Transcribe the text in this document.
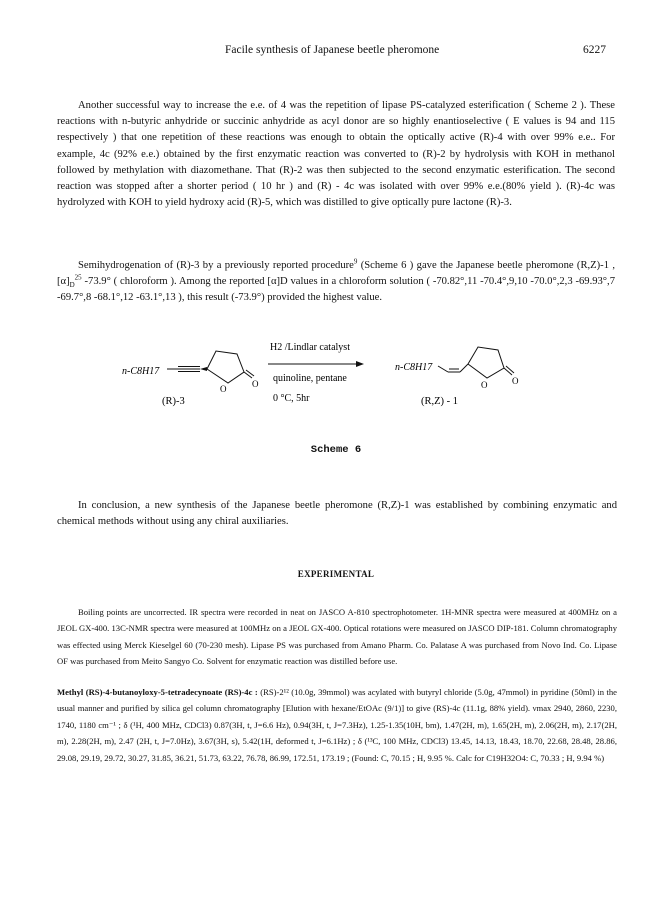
Facile synthesis of Japanese beetle pheromone	6227

Another successful way to increase the e.e. of 4 was the repetition of lipase PS-catalyzed esterification ( Scheme 2 ). These reactions with n-butyric anhydride or succinic anhydride as acyl donor are so highly enantioselective ( E values is 94 and 115 respectively ) that one repetition of these reactions was enough to obtain the optically active (R)-4 with over 99% e.e.. For example, 4c (92% e.e.) obtained by the first enzymatic reaction was converted to (R)-2 by hydrolysis with KOH in methanol followed by methylation with diazomethane. That (R)-2 was then subjected to the second enzymatic esterification. The second reaction was stopped after a shorter period ( 10 hr ) and (R) - 4c was isolated with over 99% e.e.(80% yield ). (R)-4c was hydrolyzed with KOH to yield hydroxy acid (R)-5, which was distilled to give optically pure lactone (R)-3.

Semihydrogenation of (R)-3 by a previously reported procedure$^9$ (Scheme 6 ) gave the Japanese beetle pheromone (R,Z)-1 , $[\alpha]_D^{25}$ -73.9° ( chloroform ). Among the reported [α]D values in a chloroform solution ( -70.82°,11 -70.4°,9,10 -70.0°,2,3 -69.93°,7 -69.7°,8 -68.1°,12 -63.1°,13 ), this result (-73.9°) provided the highest value.

n-C8H17
O	O
(R)-3
H2 /Lindlar catalyst
quinoline, pentane
0 °C, 5hr
n-C8H17
O	O
(R,Z) - 1
Scheme 6

In conclusion, a new synthesis of the Japanese beetle pheromone (R,Z)-1 was established by combining enzymatic and chemical methods without using any chiral auxiliaries.

EXPERIMENTAL

Boiling points are uncorrected. IR spectra were recorded in neat on JASCO A-810 spectrophotometer. 1H-MNR spectra were measured at 400MHz on a JEOL GX-400. 13C-NMR spectra were measured at 100MHz on a JEOL GX-400. Optical rotations were measured on JASCO DIP-181. Column chromatography was effected using Merck Kieselgel 60 (70-230 mesh). Lipase PS was purchased from Amano Pharm. Co. Palatase A was purchased from Novo Ind. Co. Lipase OF was purchased from Meito Sangyo Co. Solvent for enzymatic reaction was distilled before use.

Methyl (RS)-4-butanoyloxy-5-tetradecynoate (RS)-4c : (RS)-2¹² (10.0g, 39mmol) was acylated with butyryl chloride (5.0g, 47mmol) in pyridine (50ml) in the usual manner and purified by silica gel column chromatography [Elution with hexane/EtOAc (9/1)] to give (RS)-4c (11.1g, 88% yield). νmax 2940, 2860, 2230, 1740, 1180 cm⁻¹ ; δ (¹H, 400 MHz, CDCl3) 0.87(3H, t, J=6.6 Hz), 0.94(3H, t, J=7.3Hz), 1.25-1.35(10H, bm), 1.47(2H, m), 1.65(2H, m), 2.06(2H, m), 2.17(2H, m), 2.28(2H, m), 2.47 (2H, t, J=7.0Hz), 3.67(3H, s), 5.42(1H, deformed t, J=6.1Hz) ; δ (¹³C, 100 MHz, CDCl3) 13.45, 14.13, 18.43, 18.70, 22.68, 28.48, 28.86, 29.08, 29.19, 29.72, 30.27, 31.85, 36.21, 51.73, 63.22, 76.78, 86.99, 172.51, 173.19 ; (Found: C, 70.15 ; H, 9.95 %. Calc for C19H32O4: C, 70.33 ; H, 9.94 %)
